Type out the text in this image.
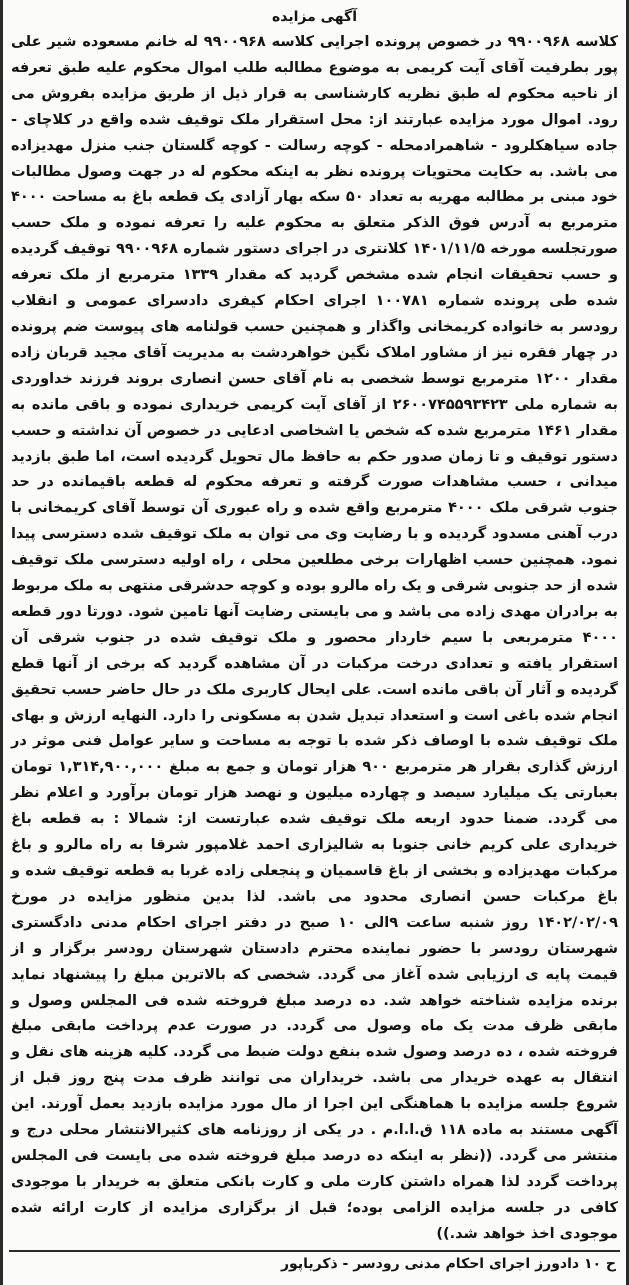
آگهی مزایده

کلاسه ۹۹۰۰۹۶۸ در خصوص پرونده اجرایی کلاسه ۹۹۰۰۹۶۸ له خانم مسعوده شیر علی پور بطرفیت آقای آیت کریمی به موضوع مطالبه طلب اموال محکوم علیه طبق تعرفه از ناحیه محکوم له طبق نظریه کارشناسی به قرار ذیل از طریق مزایده بفروش می رود. اموال مورد مزایده عبارتند از: محل استقرار ملک توقیف شده واقع در کلاچای - جاده سیاهکلرود - شاهمرادمحله - کوچه رسالت - کوچه گلستان جنب منزل مهدیزاده می باشد. به حکایت محتویات پرونده نظر به اینکه محکوم له در جهت وصول مطالبات خود مبنی بر مطالبه مهریه به تعداد ۵۰ سکه بهار آزادی یک قطعه باغ به مساحت ۴۰۰۰ مترمربع به آدرس فوق الذکر متعلق به محکوم علیه را تعرفه نموده و ملک حسب صورتجلسه مورخه ۱۴۰۱/۱۱/۵ کلانتری در اجرای دستور شماره ۹۹۰۰۹۶۸ توقیف گردیده و حسب تحقیقات انجام شده مشخص گردید که مقدار ۱۳۳۹ مترمربع از ملک تعرفه شده طی پرونده شماره ۱۰۰۷۸۱ اجرای احکام کیفری دادسرای عمومی و انقلاب رودسر به خانواده کریمخانی واگذار و همچنین حسب قولنامه های پیوست ضم پرونده در چهار فقره نیز از مشاور املاک نگین خواهردشت به مدیریت آقای مجید قربان زاده مقدار ۱۲۰۰ مترمربع توسط شخصی به نام آقای حسن انصاری بروند فرزند خداوردی به شماره ملی ۲۶۰۰۷۴۵۵۹۳۴۲۳ از آقای آیت کریمی خریداری نموده و باقی مانده به مقدار ۱۴۶۱ مترمربع شده که شخص یا اشخاصی ادعایی در خصوص آن نداشته و حسب دستور توقیف و تا زمان صدور حکم به حافظ مال تحویل گردیده است، اما طبق بازدید میدانی ، حسب مشاهدات صورت گرفته و تعرفه محکوم له قطعه باقیمانده در حد جنوب شرقی ملک ۴۰۰۰ مترمربع واقع شده و راه عبوری آن توسط آقای کریمخانی با درب آهنی مسدود گردیده و با رضایت وی می توان به ملک توقیف شده دسترسی پیدا نمود. همچنین حسب اظهارات برخی مطلعین محلی ، راه اولیه دسترسی ملک توقیف شده از حد جنوبی شرقی و یک راه مالرو بوده و کوچه حدشرقی منتهی به ملک مربوط به برادران مهدی زاده می باشد و می بایستی رضایت آنها تامین شود. دورتا دور قطعه ۴۰۰۰ مترمربعی با سیم خاردار محصور و ملک توقیف شده در جنوب شرقی آن استقرار یافته و تعدادی درخت مرکبات در آن مشاهده گردید که برخی از آنها قطع گردیده و آثار آن باقی مانده است. علی ایحال کاربری ملک در حال حاضر حسب تحقیق انجام شده باغی است و استعداد تبدیل شدن به مسکونی را دارد. النهایه ارزش و بهای ملک توقیف شده با اوصاف ذکر شده با توجه به مساحت و سایر عوامل فنی موثر در ارزش گذاری بقرار هر مترمربع ۹۰۰ هزار تومان و جمع به مبلغ ۱,۳۱۴,۹۰۰,۰۰۰ تومان بعبارتی یک میلیارد سیصد و چهارده میلیون و نهصد هزار تومان برآورد و اعلام نظر می گردد. ضمنا حدود اربعه ملک توقیف شده عبارتست از: شمالا : به قطعه باغ خریداری علی کریم خانی جنوبا به شالیزاری احمد غلامپور شرقا به راه مالرو و باغ مرکبات مهدیزاده و بخشی از باغ قاسمیان و پنجعلی زاده غربا به قطعه توقیف شده و باغ مرکبات حسن انصاری محدود می باشد. لذا بدین منظور مزایده در مورخ ۱۴۰۲/۰۲/۰۹ روز شنبه ساعت ۹الی ۱۰ صبح در دفتر اجرای احکام مدنی دادگستری شهرستان رودسر با حضور نماینده محترم دادستان شهرستان رودسر برگزار و از قیمت پایه ی ارزیابی شده آغاز می گردد. شخصی که بالاترین مبلغ را پیشنهاد نماید برنده مزایده شناخته خواهد شد. ده درصد مبلغ فروخته شده فی المجلس وصول و مابقی ظرف مدت یک ماه وصول می گردد. در صورت عدم پرداخت مابقی مبلغ فروخته شده ، ده درصد وصول شده بنفع دولت ضبط می گردد. کلیه هزینه های نقل و انتقال به عهده خریدار می باشد. خریداران می توانند ظرف مدت پنج روز قبل از شروع جلسه مزایده با هماهنگی این اجرا از مال مورد مزایده بازدید بعمل آورند. این آگهی مستند به ماده ۱۱۸ ق.ا.ا.م . در یکی از روزنامه های کثیرالانتشار محلی درج و منتشر می گردد. ((نظر به اینکه ده درصد مبلغ فروخته شده می بایست فی المجلس پرداخت گردد لذا همراه داشتن کارت ملی و کارت بانکی متعلق به خریدار با موجودی کافی در جلسه مزایده الزامی بوده؛ قبل از برگزاری مزایده از کارت ارائه شده موجودی اخذ خواهد شد.))

ح ۱۰ دادورز اجرای احکام مدنی رودسر - ذکریاپور
